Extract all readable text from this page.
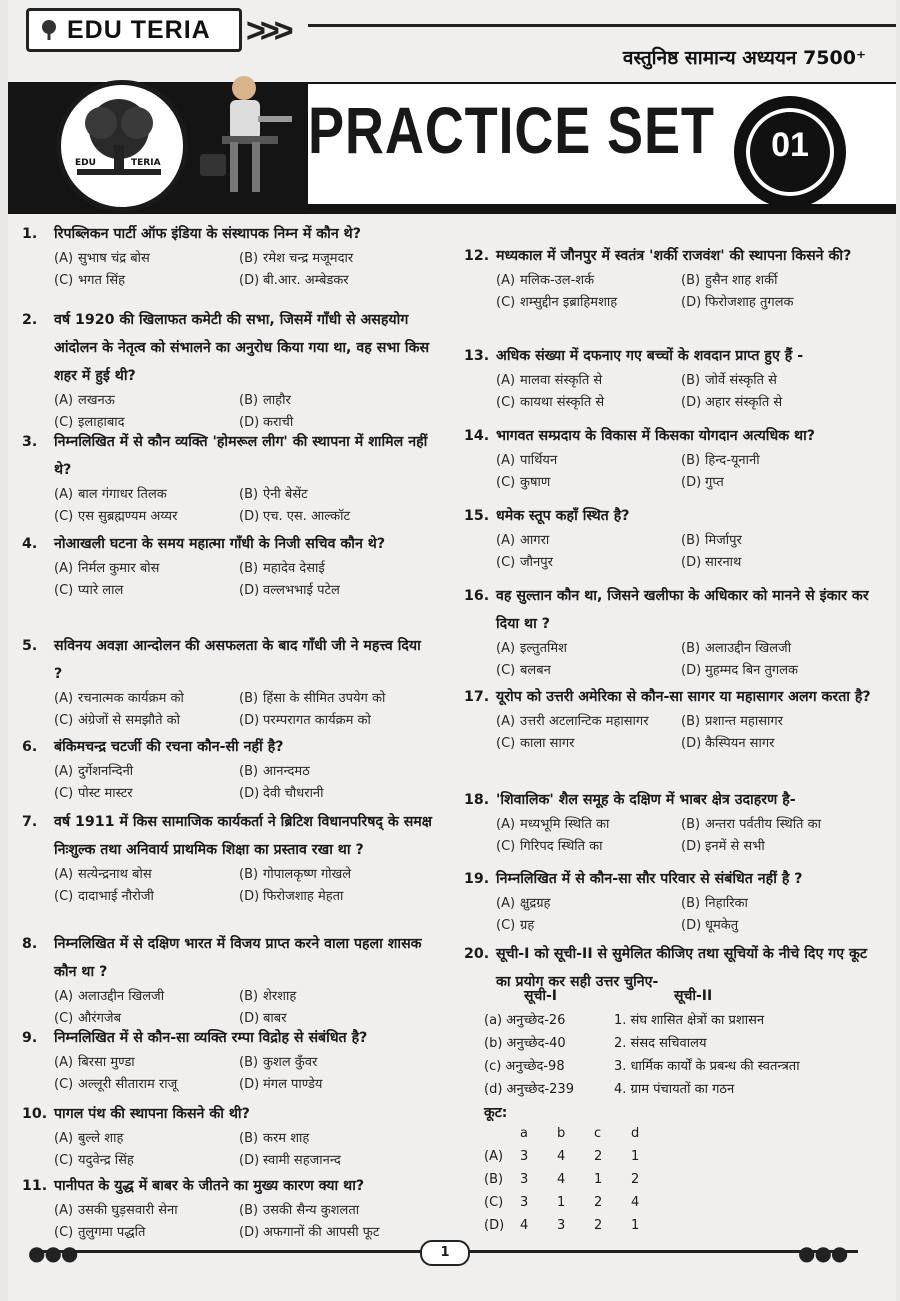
EDU TERIA >>>
वस्तुनिष्ठ सामान्य अध्ययन 7500⁺
EDU	TERIA PRACTICE SET	01
1. रिपब्लिकन पार्टी ऑफ इंडिया के संस्थापक निम्न में कौन थे?
(A) सुभाष चंद्र बोस	(B) रमेश चन्द्र मजूमदार
(C) भगत सिंह	(D) बी.आर. अम्बेडकर
2. वर्ष 1920 की खिलाफत कमेटी की सभा, जिसमें गाँधी से असहयोग आंदोलन के नेतृत्व को संभालने का अनुरोध किया गया था, वह सभा किस शहर में हुई थी?
(A) लखनऊ	(B) लाहौर
(C) इलाहाबाद	(D) कराची
3. निम्नलिखित में से कौन व्यक्ति 'होमरूल लीग' की स्थापना में शामिल नहीं थे?
(A) बाल गंगाधर तिलक	(B) ऐनी बेसेंट
(C) एस सुब्रह्मण्यम अय्यर	(D) एच. एस. आल्कॉट
4. नोआखली घटना के समय महात्मा गाँधी के निजी सचिव कौन थे?
(A) निर्मल कुमार बोस	(B) महादेव देसाई
(C) प्यारे लाल	(D) वल्लभभाई पटेल
5. सविनय अवज्ञा आन्दोलन की असफलता के बाद गाँधी जी ने महत्त्व दिया ?
(A) रचनात्मक कार्यक्रम को	(B) हिंसा के सीमित उपयेग को
(C) अंग्रेजों से समझौते को	(D) परम्परागत कार्यक्रम को
6. बंकिमचन्द्र चटर्जी की रचना कौन-सी नहीं है?
(A) दुर्गेशनन्दिनी	(B) आनन्दमठ
(C) पोस्ट मास्टर	(D) देवी चौधरानी
7. वर्ष 1911 में किस सामाजिक कार्यकर्ता ने ब्रिटिश विधानपरिषद् के समक्ष निःशुल्क तथा अनिवार्य प्राथमिक शिक्षा का प्रस्ताव रखा था ?
(A) सत्येन्द्रनाथ बोस	(B) गोपालकृष्ण गोखले
(C) दादाभाई नौरोजी	(D) फिरोजशाह मेहता
8. निम्नलिखित में से दक्षिण भारत में विजय प्राप्त करने वाला पहला शासक कौन था ?
(A) अलाउद्दीन खिलजी	(B) शेरशाह
(C) औरंगजेब	(D) बाबर
9. निम्नलिखित में से कौन-सा व्यक्ति रम्पा विद्रोह से संबंधित है?
(A) बिरसा मुण्डा	(B) कुशल कुँवर
(C) अल्लूरी सीताराम राजू	(D) मंगल पाण्डेय
10. पागल पंथ की स्थापना किसने की थी?
(A) बुल्ले शाह	(B) करम शाह
(C) यदुवेन्द्र सिंह	(D) स्वामी सहजानन्द
11. पानीपत के युद्ध में बाबर के जीतने का मुख्य कारण क्या था?
(A) उसकी घुड़सवारी सेना	(B) उसकी सैन्य कुशलता
(C) तुलुगमा पद्धति	(D) अफगानों की आपसी फूट
12. मध्यकाल में जौनपुर में स्वतंत्र 'शर्की राजवंश' की स्थापना किसने की?
(A) मलिक-उल-शर्क	(B) हुसैन शाह शर्की
(C) शम्सुद्दीन इब्राहिमशाह	(D) फिरोजशाह तुगलक
13. अधिक संख्या में दफनाए गए बच्चों के शवदान प्राप्त हुए हैं -
(A) मालवा संस्कृति से	(B) जोर्वे संस्कृति से
(C) कायथा संस्कृति से	(D) अहार संस्कृति से
14. भागवत सम्प्रदाय के विकास में किसका योगदान अत्यधिक था?
(A) पार्थियन	(B) हिन्द-यूनानी
(C) कुषाण	(D) गुप्त
15. धमेक स्तूप कहाँ स्थित है?
(A) आगरा	(B) मिर्जापुर
(C) जौनपुर	(D) सारनाथ
16. वह सुल्तान कौन था, जिसने खलीफा के अधिकार को मानने से इंकार कर दिया था ?
(A) इल्तुतमिश	(B) अलाउद्दीन खिलजी
(C) बलबन	(D) मुहम्मद बिन तुगलक
17. यूरोप को उत्तरी अमेरिका से कौन-सा सागर या महासागर अलग करता है?
(A) उत्तरी अटलान्टिक महासागर	(B) प्रशान्त महासागर
(C) काला सागर	(D) कैस्पियन सागर
18. 'शिवालिक' शैल समूह के दक्षिण में भाबर क्षेत्र उदाहरण है-
(A) मध्यभूमि स्थिति का	(B) अन्तरा पर्वतीय स्थिति का
(C) गिरिपद स्थिति का	(D) इनमें से सभी
19. निम्नलिखित में से कौन-सा सौर परिवार से संबंधित नहीं है ?
(A) क्षुद्रग्रह	(B) निहारिका
(C) ग्रह	(D) धूमकेतु
20. सूची-I को सूची-II से सुमेलित कीजिए तथा सूचियों के नीचे दिए गए कूट का प्रयोग कर सही उत्तर चुनिए-
सूची-I	सूची-II
(a) अनुच्छेद-26	1. संघ शासित क्षेत्रों का प्रशासन
(b) अनुच्छेद-40	2. संसद सचिवालय
(c) अनुच्छेद-98	3. धार्मिक कार्यों के प्रबन्ध की स्वतन्त्रता
(d) अनुच्छेद-239	4. ग्राम पंचायतों का गठन
कूट:
a	b	c	d
(A)	3	4	2	1
(B)	3	4	1	2
(C)	3	1	2	4
(D)	4	3	2	1
●●●	●●●
1
